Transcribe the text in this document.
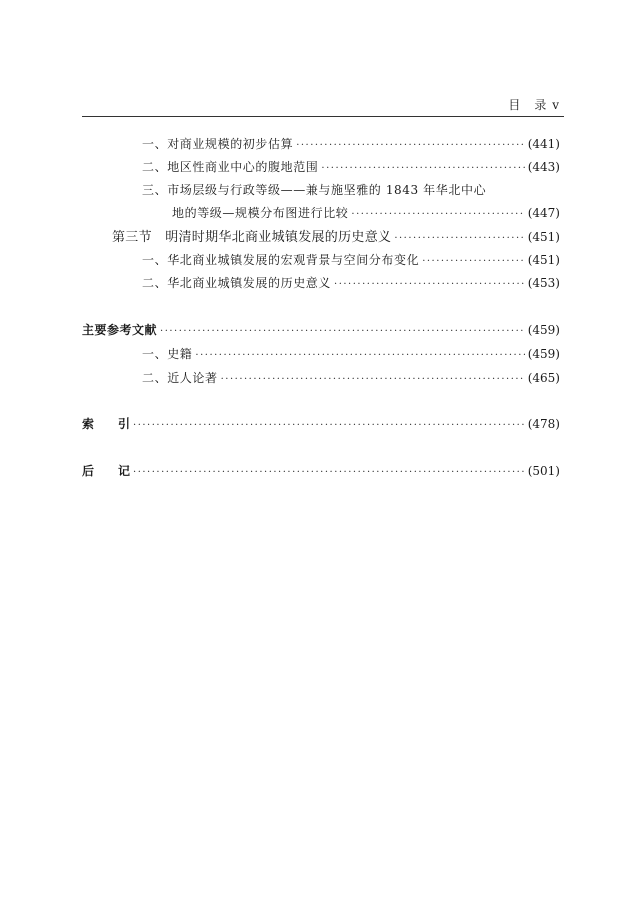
目　录 v
一、对商业规模的初步估算 ·····	(441)
二、地区性商业中心的腹地范围 ·····	(443)
三、市场层级与行政等级——兼与施坚雅的 1843 年华北中心
地的等级—规模分布图进行比较 ·····	(447)
第三节　明清时期华北商业城镇发展的历史意义 ·····	(451)
一、华北商业城镇发展的宏观背景与空间分布变化 ·····	(451)
二、华北商业城镇发展的历史意义 ·····	(453)
主要参考文献 ·····	(459)
一、史籍 ·····	(459)
二、近人论著 ·····	(465)
索　　引 ·····	(478)
后　　记 ·····	(501)
